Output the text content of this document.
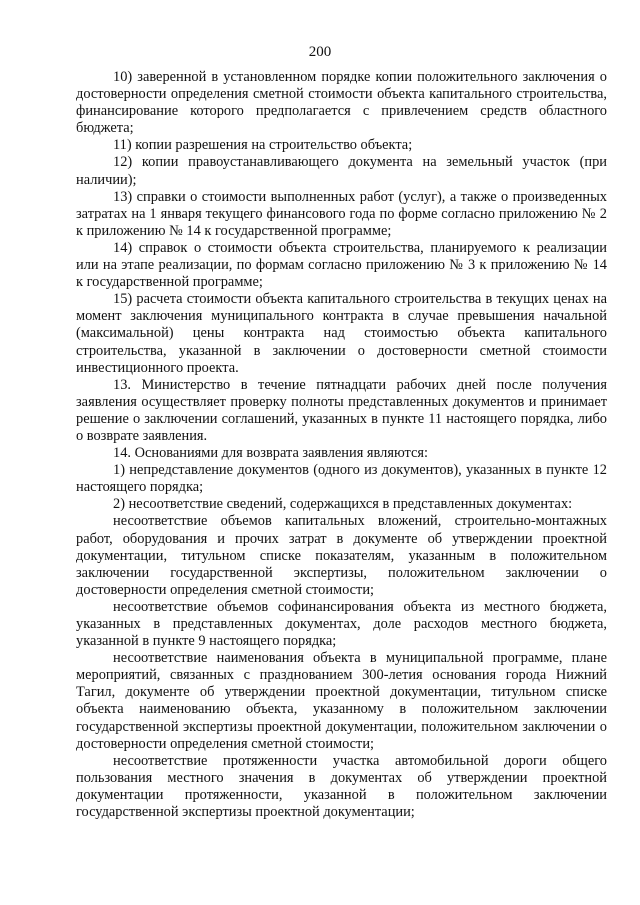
200

10) заверенной в установленном порядке копии положительного заключения о достоверности определения сметной стоимости объекта капитального строительства, финансирование которого предполагается с привлечением средств областного бюджета;

11) копии разрешения на строительство объекта;

12) копии правоустанавливающего документа на земельный участок (при наличии);

13) справки о стоимости выполненных работ (услуг), а также о произведенных затратах на 1 января текущего финансового года по форме согласно приложению № 2 к приложению № 14 к государственной программе;

14) справок о стоимости объекта строительства, планируемого к реализации или на этапе реализации, по формам согласно приложению № 3 к приложению № 14 к государственной программе;

15) расчета стоимости объекта капитального строительства в текущих ценах на момент заключения муниципального контракта в случае превышения начальной (максимальной) цены контракта над стоимостью объекта капитального строительства, указанной в заключении о достоверности сметной стоимости инвестиционного проекта.

13. Министерство в течение пятнадцати рабочих дней после получения заявления осуществляет проверку полноты представленных документов и принимает решение о заключении соглашений, указанных в пункте 11 настоящего порядка, либо о возврате заявления.

14. Основаниями для возврата заявления являются:

1) непредставление документов (одного из документов), указанных в пункте 12 настоящего порядка;

2) несоответствие сведений, содержащихся в представленных документах:

несоответствие объемов капитальных вложений, строительно-монтажных работ, оборудования и прочих затрат в документе об утверждении проектной документации, титульном списке показателям, указанным в положительном заключении государственной экспертизы, положительном заключении о достоверности определения сметной стоимости;

несоответствие объемов софинансирования объекта из местного бюджета, указанных в представленных документах, доле расходов местного бюджета, указанной в пункте 9 настоящего порядка;

несоответствие наименования объекта в муниципальной программе, плане мероприятий, связанных с празднованием 300-летия основания города Нижний Тагил, документе об утверждении проектной документации, титульном списке объекта наименованию объекта, указанному в положительном заключении государственной экспертизы проектной документации, положительном заключении о достоверности определения сметной стоимости;

несоответствие протяженности участка автомобильной дороги общего пользования местного значения в документах об утверждении проектной документации протяженности, указанной в положительном заключении государственной экспертизы проектной документации;
